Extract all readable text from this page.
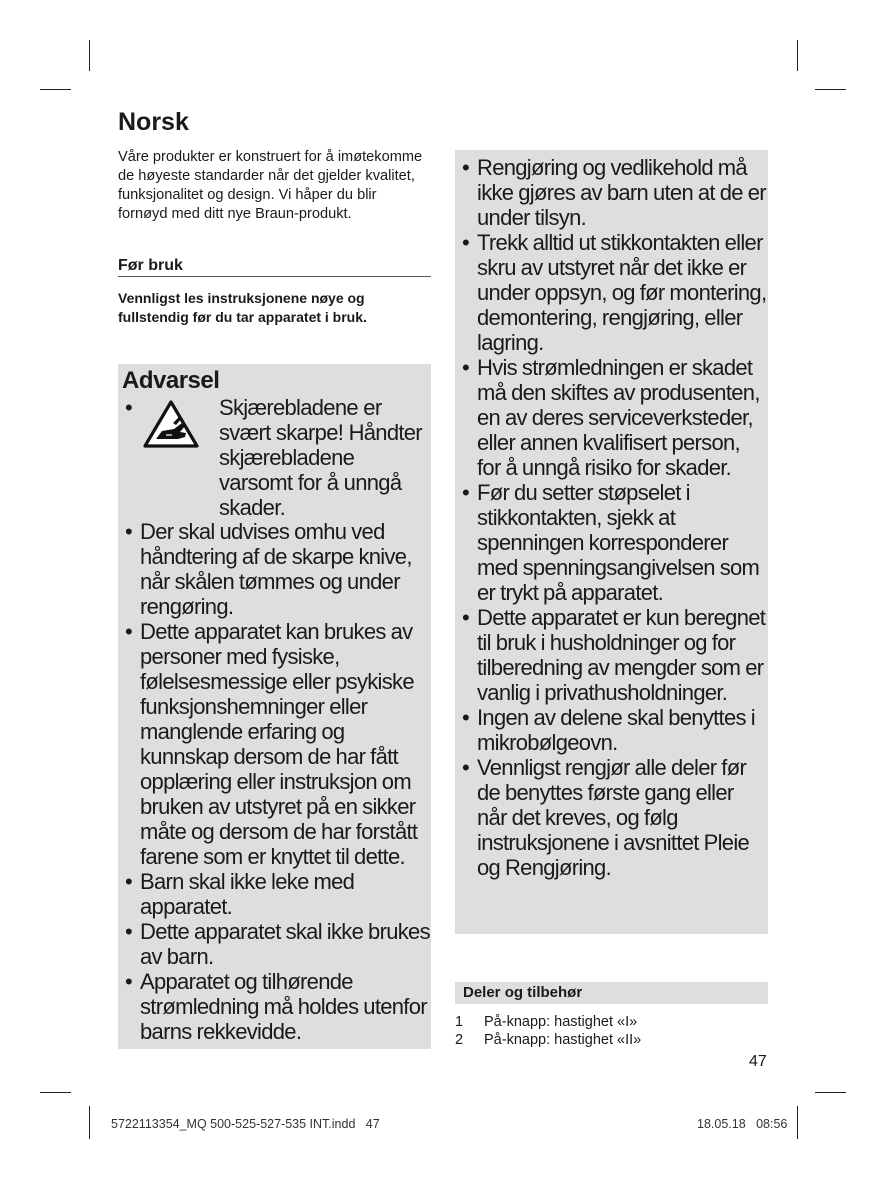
Norsk

Våre produkter er konstruert for å imøtekomme de høyeste standarder når det gjelder kvalitet, funksjonalitet og design. Vi håper du blir fornøyd med ditt nye Braun-produkt.

Før bruk

Vennligst les instruksjonene nøye og fullstendig før du tar apparatet i bruk.

Advarsel
•	Skjærebladene er svært skarpe! Håndter skjærebladene varsomt for å unngå skader.
• Der skal udvises omhu ved håndtering af de skarpe knive, når skålen tømmes og under rengøring.
• Dette apparatet kan brukes av personer med fysiske, følelsesmessige eller psykiske funksjonshemninger eller manglende erfaring og kunnskap dersom de har fått opplæring eller instruksjon om bruken av utstyret på en sikker måte og dersom de har forstått farene som er knyttet til dette.
• Barn skal ikke leke med apparatet.
• Dette apparatet skal ikke brukes av barn.
• Apparatet og tilhørende strømledning må holdes utenfor barns rekkevidde.
• Rengjøring og vedlikehold må ikke gjøres av barn uten at de er under tilsyn.
• Trekk alltid ut stikkontakten eller skru av utstyret når det ikke er under oppsyn, og før montering, demontering, rengjøring, eller lagring.
• Hvis strømledningen er skadet må den skiftes av produsenten, en av deres serviceverksteder, eller annen kvalifisert person, for å unngå risiko for skader.
• Før du setter støpselet i stikkontakten, sjekk at spenningen korresponderer med spenningsangivelsen som er trykt på apparatet.
• Dette apparatet er kun beregnet til bruk i husholdninger og for tilberedning av mengder som er vanlig i privathusholdninger.
• Ingen av delene skal benyttes i mikrobølgeovn.
• Vennligst rengjør alle deler før de benyttes første gang eller når det kreves, og følg instruksjonene i avsnittet Pleie og Rengjøring.
Deler og tilbehør
1 På-knapp: hastighet «I»
2 På-knapp: hastighet «II»
47
5722113354_MQ 500-525-527-535 INT.indd   47	18.05.18   08:56
